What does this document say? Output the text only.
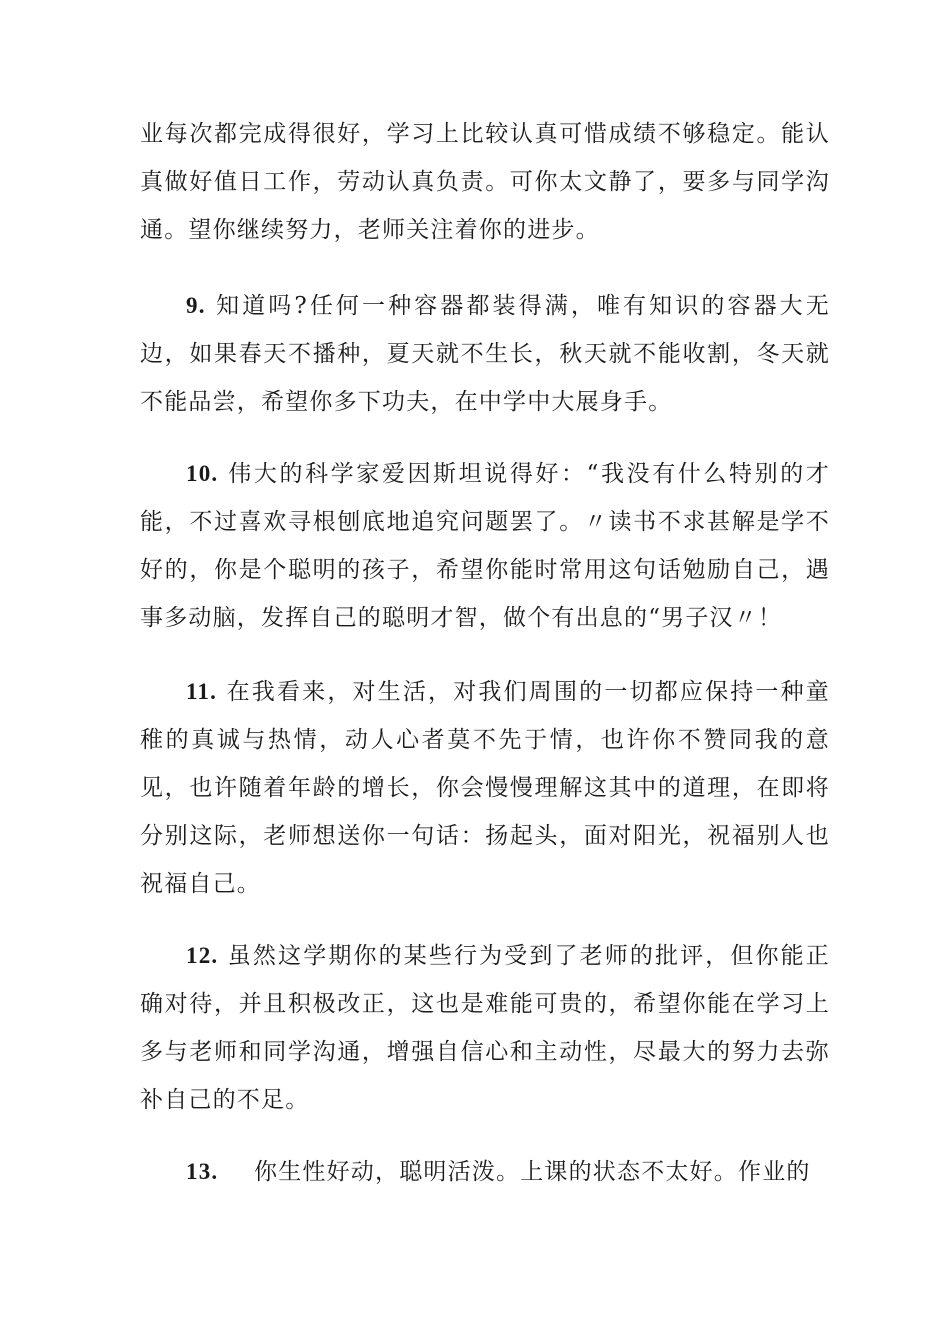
业每次都完成得很好，学习上比较认真可惜成绩不够稳定。能认真做好值日工作，劳动认真负责。可你太文静了，要多与同学沟通。望你继续努力，老师关注着你的进步。

9. 知道吗?任何一种容器都装得满，唯有知识的容器大无边，如果春天不播种，夏天就不生长，秋天就不能收割，冬天就不能品尝，希望你多下功夫，在中学中大展身手。

10. 伟大的科学家爱因斯坦说得好：“我没有什么特别的才能，不过喜欢寻根刨底地追究问题罢了。〃读书不求甚解是学不好的，你是个聪明的孩子，希望你能时常用这句话勉励自己，遇事多动脑，发挥自己的聪明才智，做个有出息的“男子汉〃！

11. 在我看来，对生活，对我们周围的一切都应保持一种童稚的真诚与热情，动人心者莫不先于情，也许你不赞同我的意见，也许随着年龄的增长，你会慢慢理解这其中的道理，在即将分别这际，老师想送你一句话：扬起头，面对阳光，祝福别人也祝福自己。

12. 虽然这学期你的某些行为受到了老师的批评，但你能正确对待，并且积极改正，这也是难能可贵的，希望你能在学习上多与老师和同学沟通，增强自信心和主动性，尽最大的努力去弥补自己的不足。

13. 你生性好动，聪明活泼。上课的状态不太好。作业的
